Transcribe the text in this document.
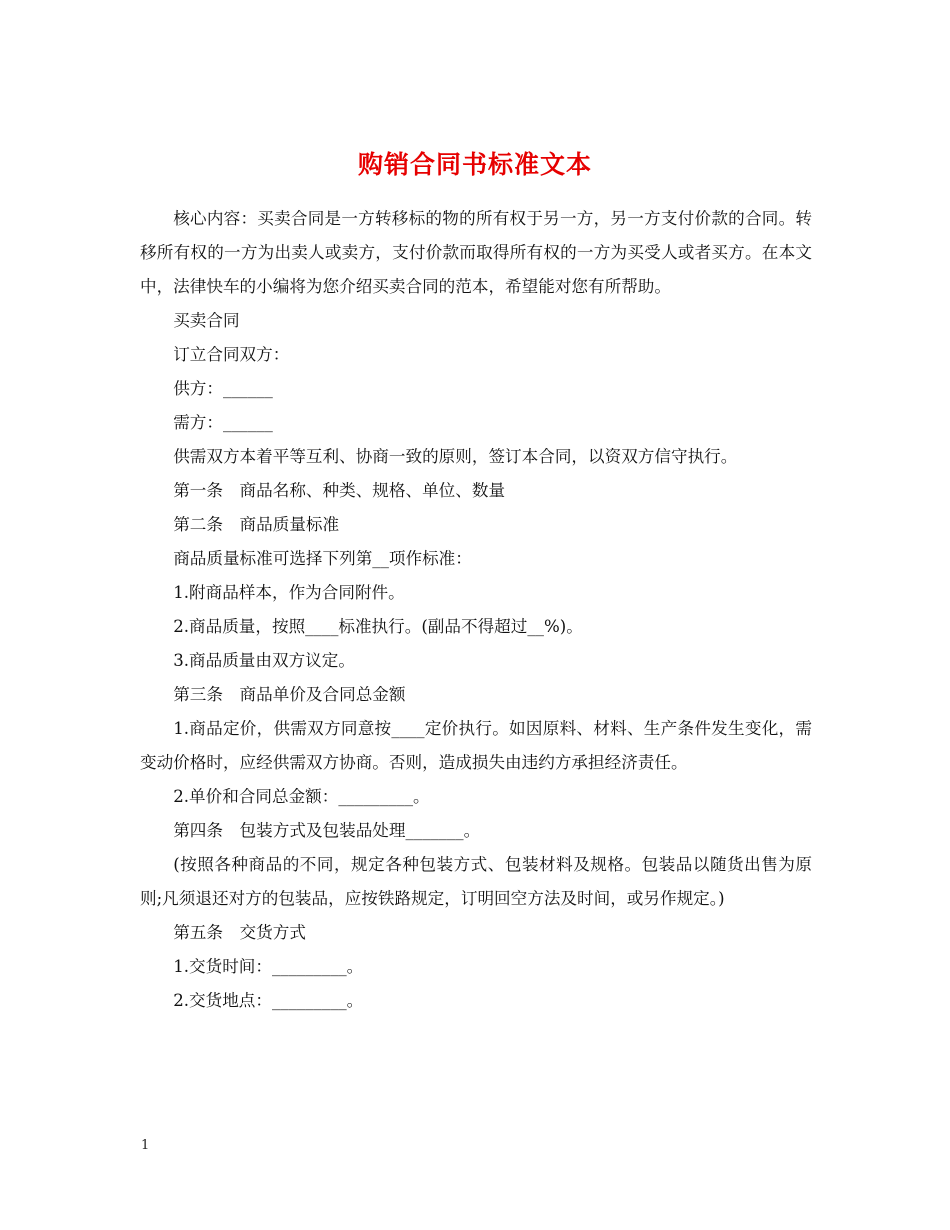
购销合同书标准文本

核心内容：买卖合同是一方转移标的物的所有权于另一方，另一方支付价款的合同。转移所有权的一方为出卖人或卖方，支付价款而取得所有权的一方为买受人或者买方。在本文中，法律快车的小编将为您介绍买卖合同的范本，希望能对您有所帮助。

买卖合同

订立合同双方：

供方：______

需方：______

供需双方本着平等互利、协商一致的原则，签订本合同，以资双方信守执行。

第一条　商品名称、种类、规格、单位、数量

第二条　商品质量标准

商品质量标准可选择下列第__项作标准：

1.附商品样本，作为合同附件。

2.商品质量，按照____标准执行。(副品不得超过__%)。

3.商品质量由双方议定。

第三条　商品单价及合同总金额

1.商品定价，供需双方同意按____定价执行。如因原料、材料、生产条件发生变化，需变动价格时，应经供需双方协商。否则，造成损失由违约方承担经济责任。

2.单价和合同总金额：_________。

第四条　包装方式及包装品处理_______。

(按照各种商品的不同，规定各种包装方式、包装材料及规格。包装品以随货出售为原则;凡须退还对方的包装品，应按铁路规定，订明回空方法及时间，或另作规定。)

第五条　交货方式

1.交货时间：_________。

2.交货地点：_________。

1
